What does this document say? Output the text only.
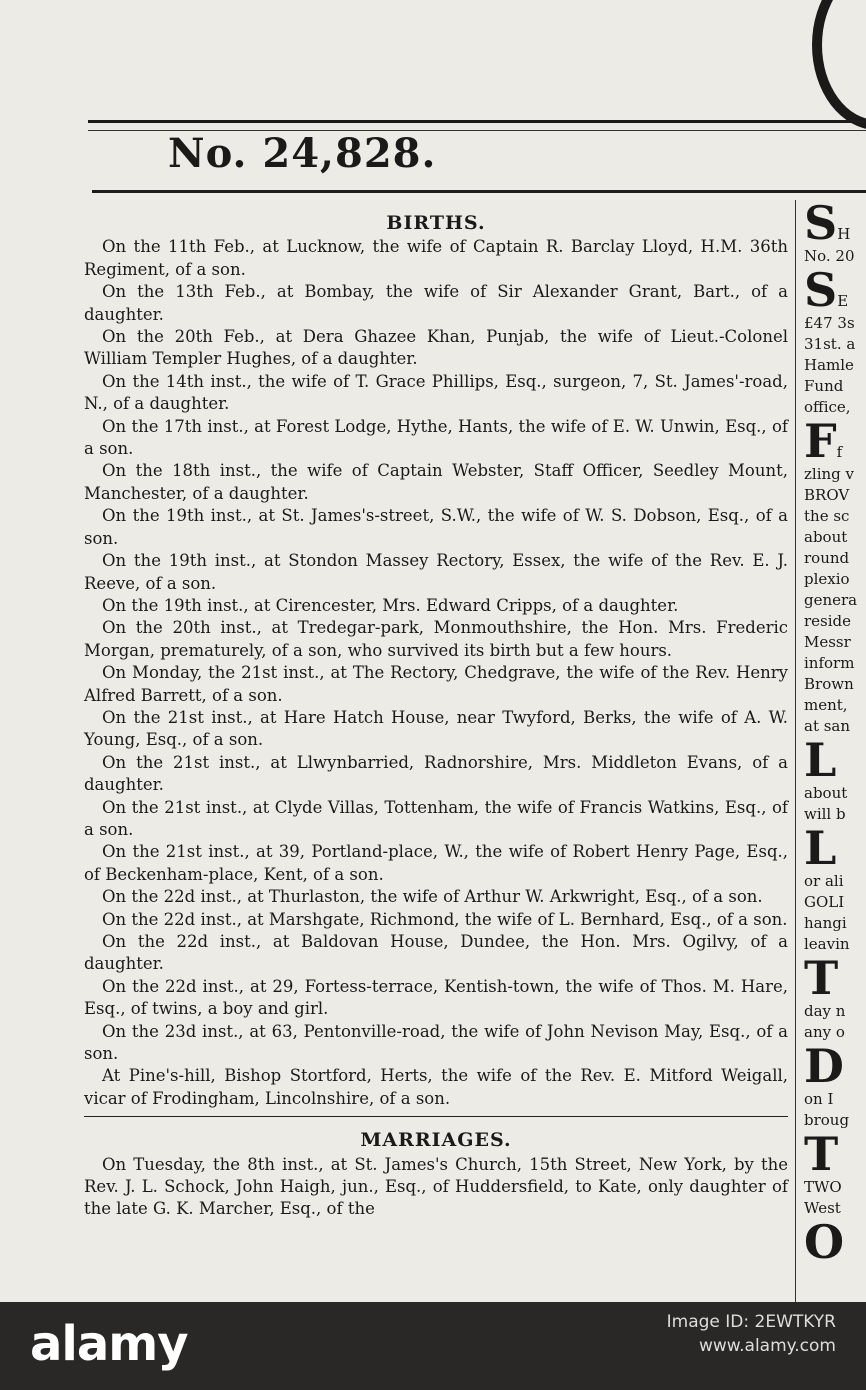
No. 24,828.
BIRTHS.

On the 11th Feb., at Lucknow, the wife of Captain R. Barclay Lloyd, H.M. 36th Regiment, of a son.

On the 13th Feb., at Bombay, the wife of Sir Alexander Grant, Bart., of a daughter.

On the 20th Feb., at Dera Ghazee Khan, Punjab, the wife of Lieut.-Colonel William Templer Hughes, of a daughter.

On the 14th inst., the wife of T. Grace Phillips, Esq., surgeon, 7, St. James'-road, N., of a daughter.

On the 17th inst., at Forest Lodge, Hythe, Hants, the wife of E. W. Unwin, Esq., of a son.

On the 18th inst., the wife of Captain Webster, Staff Officer, Seedley Mount, Manchester, of a daughter.

On the 19th inst., at St. James's-street, S.W., the wife of W. S. Dobson, Esq., of a son.

On the 19th inst., at Stondon Massey Rectory, Essex, the wife of the Rev. E. J. Reeve, of a son.

On the 19th inst., at Cirencester, Mrs. Edward Cripps, of a daughter.

On the 20th inst., at Tredegar-park, Monmouthshire, the Hon. Mrs. Frederic Morgan, prematurely, of a son, who survived its birth but a few hours.

On Monday, the 21st inst., at The Rectory, Chedgrave, the wife of the Rev. Henry Alfred Barrett, of a son.

On the 21st inst., at Hare Hatch House, near Twyford, Berks, the wife of A. W. Young, Esq., of a son.

On the 21st inst., at Llwynbarried, Radnorshire, Mrs. Middleton Evans, of a daughter.

On the 21st inst., at Clyde Villas, Tottenham, the wife of Francis Watkins, Esq., of a son.

On the 21st inst., at 39, Portland-place, W., the wife of Robert Henry Page, Esq., of Beckenham-place, Kent, of a son.

On the 22d inst., at Thurlaston, the wife of Arthur W. Arkwright, Esq., of a son.

On the 22d inst., at Marshgate, Richmond, the wife of L. Bernhard, Esq., of a son.

On the 22d inst., at Baldovan House, Dundee, the Hon. Mrs. Ogilvy, of a daughter.

On the 22d inst., at 29, Fortess-terrace, Kentish-town, the wife of Thos. M. Hare, Esq., of twins, a boy and girl.

On the 23d inst., at 63, Pentonville-road, the wife of John Nevison May, Esq., of a son.

At Pine's-hill, Bishop Stortford, Herts, the wife of the Rev. E. Mitford Weigall, vicar of Frodingham, Lincolnshire, of a son.

MARRIAGES.

On Tuesday, the 8th inst., at St. James's Church, 15th Street, New York, by the Rev. J. L. Schock, John Haigh, jun., Esq., of Huddersfield, to Kate, only daughter of the late G. K. Marcher, Esq., of the

SH
No. 20
SE
£47 3s
31st. a
Hamle
Fund
office,
Ff
zling v
BROV
the sc
about
round
plexio
genera
reside
Messr
inform
Brown
ment,
at san
L
about
will b
L
or ali
GOLI
hangi
leavin
T
day n
any o
D
on I
broug
T
TWO
West
O
alamy	Image ID: 2EWTKYR
www.alamy.com
